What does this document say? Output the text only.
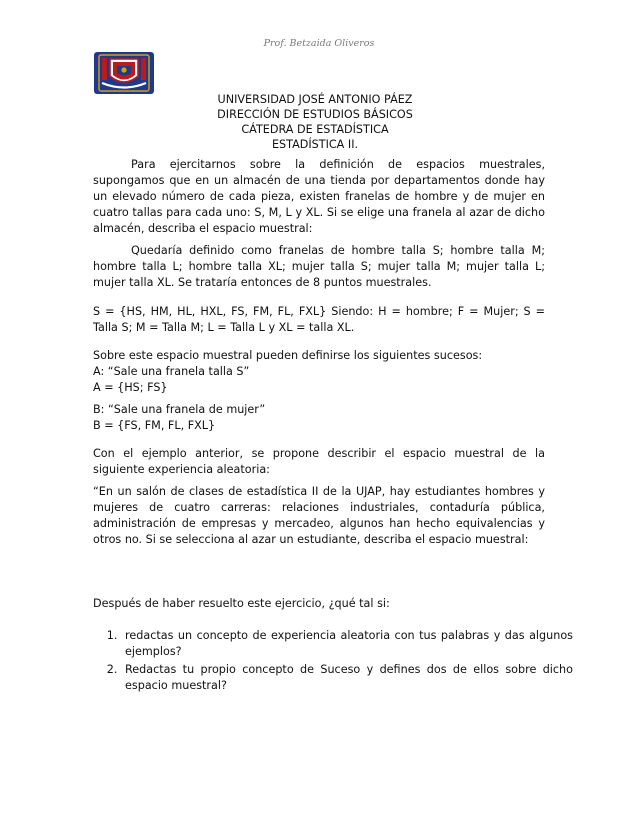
Prof. Betzaida Oliveros
UNIVERSIDAD JOSÉ ANTONIO PÁEZ
DIRECCIÓN DE ESTUDIOS BÁSICOS
CÁTEDRA DE ESTADÍSTICA
ESTADÍSTICA II.

Para ejercitarnos sobre la definición de espacios muestrales, supongamos que en un almacén de una tienda por departamentos donde hay un elevado número de cada pieza, existen franelas de hombre y de mujer en cuatro tallas para cada uno: S, M, L y XL. Si se elige una franela al azar de dicho almacén, describa el espacio muestral:

Quedaría definido como franelas de hombre talla S; hombre talla M; hombre talla L; hombre talla XL; mujer talla S; mujer talla M; mujer talla L; mujer talla XL. Se trataría entonces de 8 puntos muestrales.

S = {HS, HM, HL, HXL, FS, FM, FL, FXL} Siendo: H = hombre; F = Mujer; S = Talla S; M = Talla M; L = Talla L y XL = talla XL.

Sobre este espacio muestral pueden definirse los siguientes sucesos:

A: “Sale una franela talla S”

A = {HS; FS}

B: “Sale una franela de mujer”

B = {FS, FM, FL, FXL}

Con el ejemplo anterior, se propone describir el espacio muestral de la siguiente experiencia aleatoria:

“En un salón de clases de estadística II de la UJAP, hay estudiantes hombres y mujeres de cuatro carreras: relaciones industriales, contaduría pública, administración de empresas y mercadeo, algunos han hecho equivalencias y otros no. Si se selecciona al azar un estudiante, describa el espacio muestral:

Después de haber resuelto este ejercicio, ¿qué tal si:

1. redactas un concepto de experiencia aleatoria con tus palabras y das algunos ejemplos?
2. Redactas tu propio concepto de Suceso y defines dos de ellos sobre dicho espacio muestral?
